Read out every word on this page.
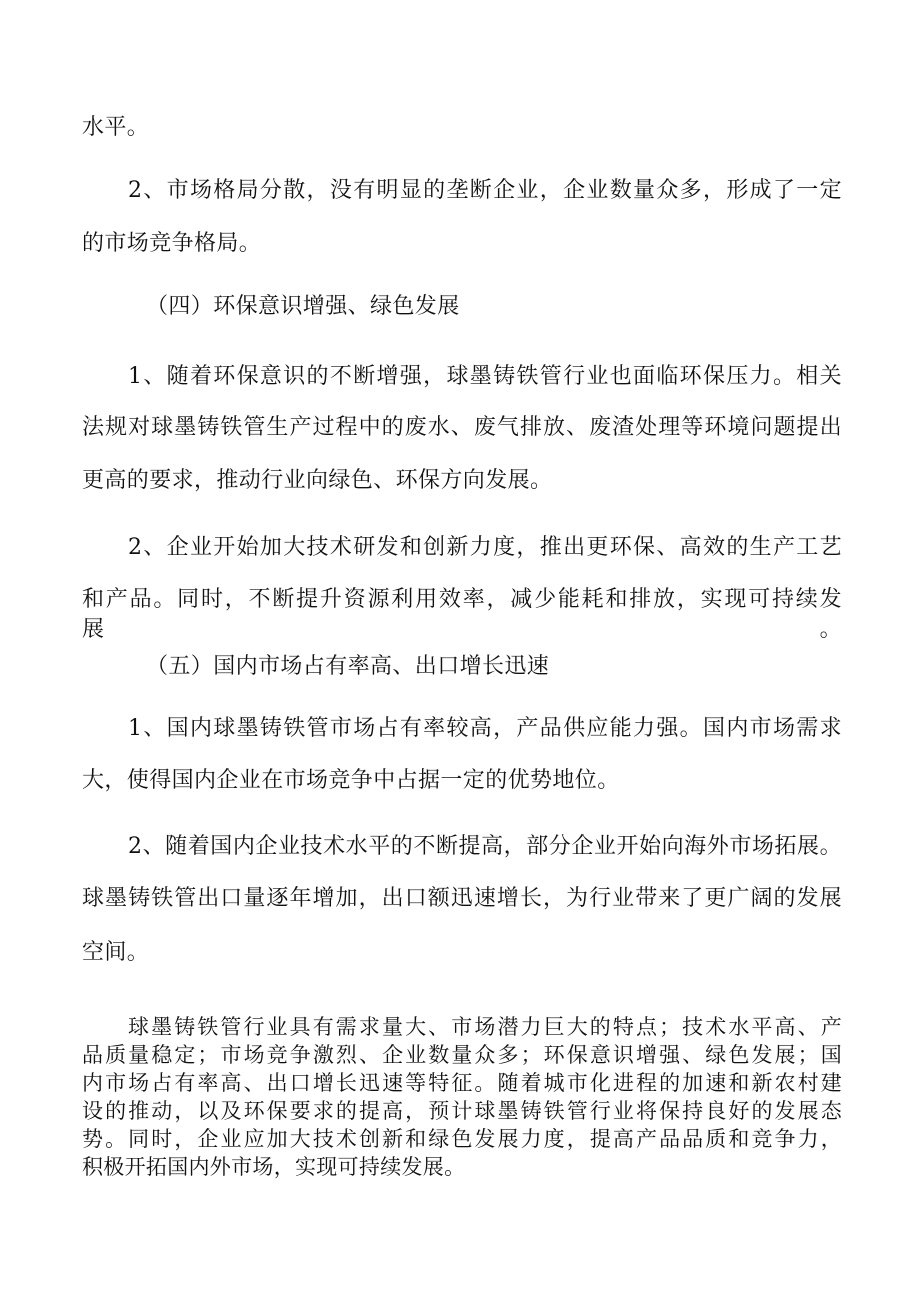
水平。
2、市场格局分散，没有明显的垄断企业，企业数量众多，形成了一定
的市场竞争格局。
（四）环保意识增强、绿色发展
1、随着环保意识的不断增强，球墨铸铁管行业也面临环保压力。相关
法规对球墨铸铁管生产过程中的废水、废气排放、废渣处理等环境问题提出
更高的要求，推动行业向绿色、环保方向发展。
2、企业开始加大技术研发和创新力度，推出更环保、高效的生产工艺
和产品。同时，不断提升资源利用效率，减少能耗和排放，实现可持续发展。
（五）国内市场占有率高、出口增长迅速
1、国内球墨铸铁管市场占有率较高，产品供应能力强。国内市场需求
大，使得国内企业在市场竞争中占据一定的优势地位。
2、随着国内企业技术水平的不断提高，部分企业开始向海外市场拓展。
球墨铸铁管出口量逐年增加，出口额迅速增长，为行业带来了更广阔的发展
空间。
球墨铸铁管行业具有需求量大、市场潜力巨大的特点；技术水平高、产
品质量稳定；市场竞争激烈、企业数量众多；环保意识增强、绿色发展；国
内市场占有率高、出口增长迅速等特征。随着城市化进程的加速和新农村建
设的推动，以及环保要求的提高，预计球墨铸铁管行业将保持良好的发展态
势。同时，企业应加大技术创新和绿色发展力度，提高产品品质和竞争力，
积极开拓国内外市场，实现可持续发展。
